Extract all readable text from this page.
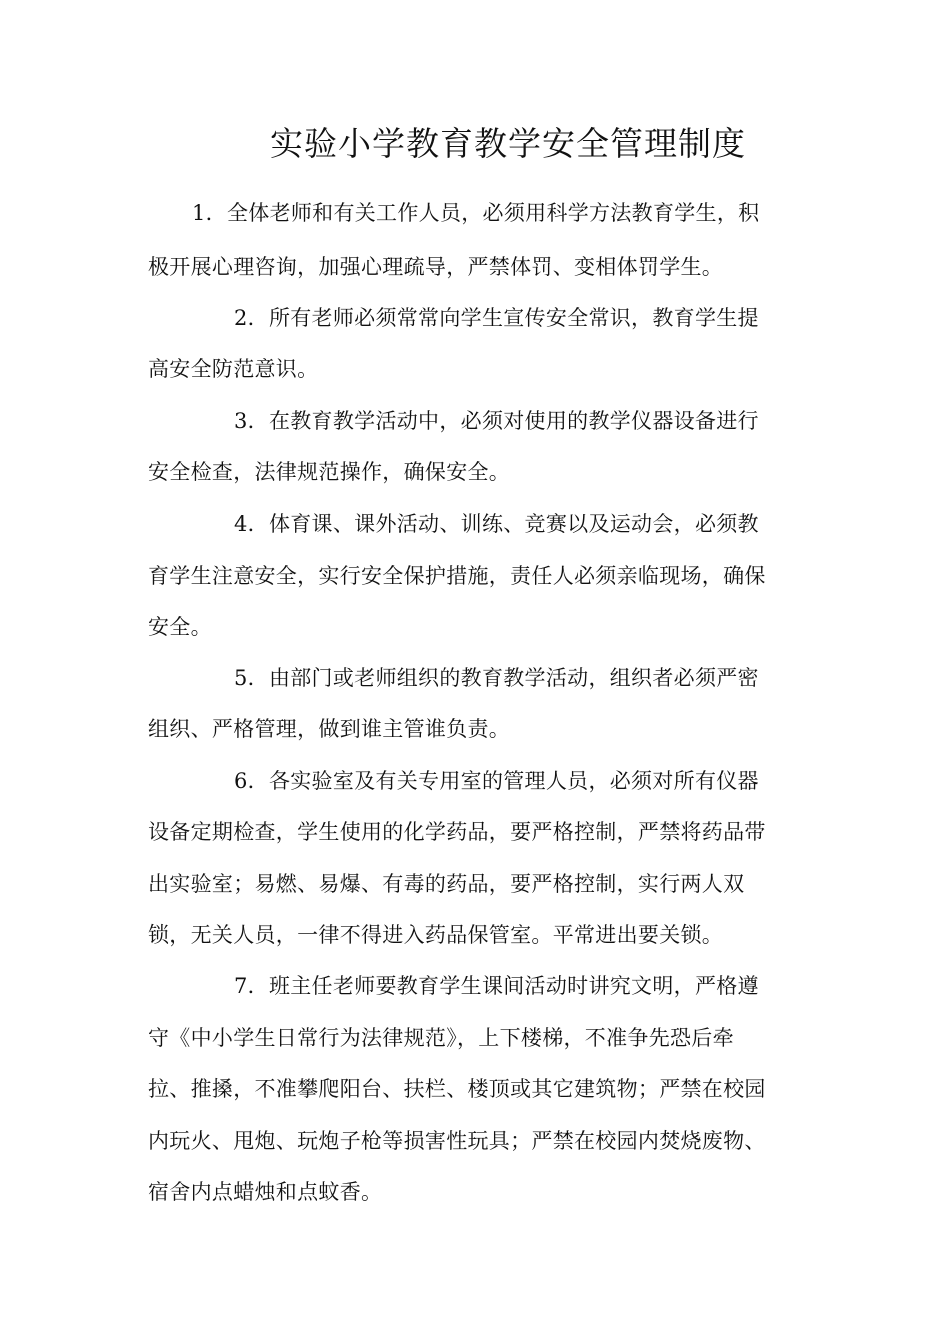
实验小学教育教学安全管理制度
1．全体老师和有关工作人员，必须用科学方法教育学生，积
极开展心理咨询，加强心理疏导，严禁体罚、变相体罚学生。
2．所有老师必须常常向学生宣传安全常识，教育学生提
高安全防范意识。
3．在教育教学活动中，必须对使用的教学仪器设备进行
安全检查，法律规范操作，确保安全。
4．体育课、课外活动、训练、竞赛以及运动会，必须教
育学生注意安全，实行安全保护措施，责任人必须亲临现场，确保
安全。
5．由部门或老师组织的教育教学活动，组织者必须严密
组织、严格管理，做到谁主管谁负责。
6．各实验室及有关专用室的管理人员，必须对所有仪器
设备定期检查，学生使用的化学药品，要严格控制，严禁将药品带
出实验室；易燃、易爆、有毒的药品，要严格控制，实行两人双
锁，无关人员，一律不得进入药品保管室。平常进出要关锁。
7．班主任老师要教育学生课间活动时讲究文明，严格遵
守《中小学生日常行为法律规范》，上下楼梯，不准争先恐后牵
拉、推搡，不准攀爬阳台、扶栏、楼顶或其它建筑物；严禁在校园
内玩火、甩炮、玩炮子枪等损害性玩具；严禁在校园内焚烧废物、
宿舍内点蜡烛和点蚊香。
